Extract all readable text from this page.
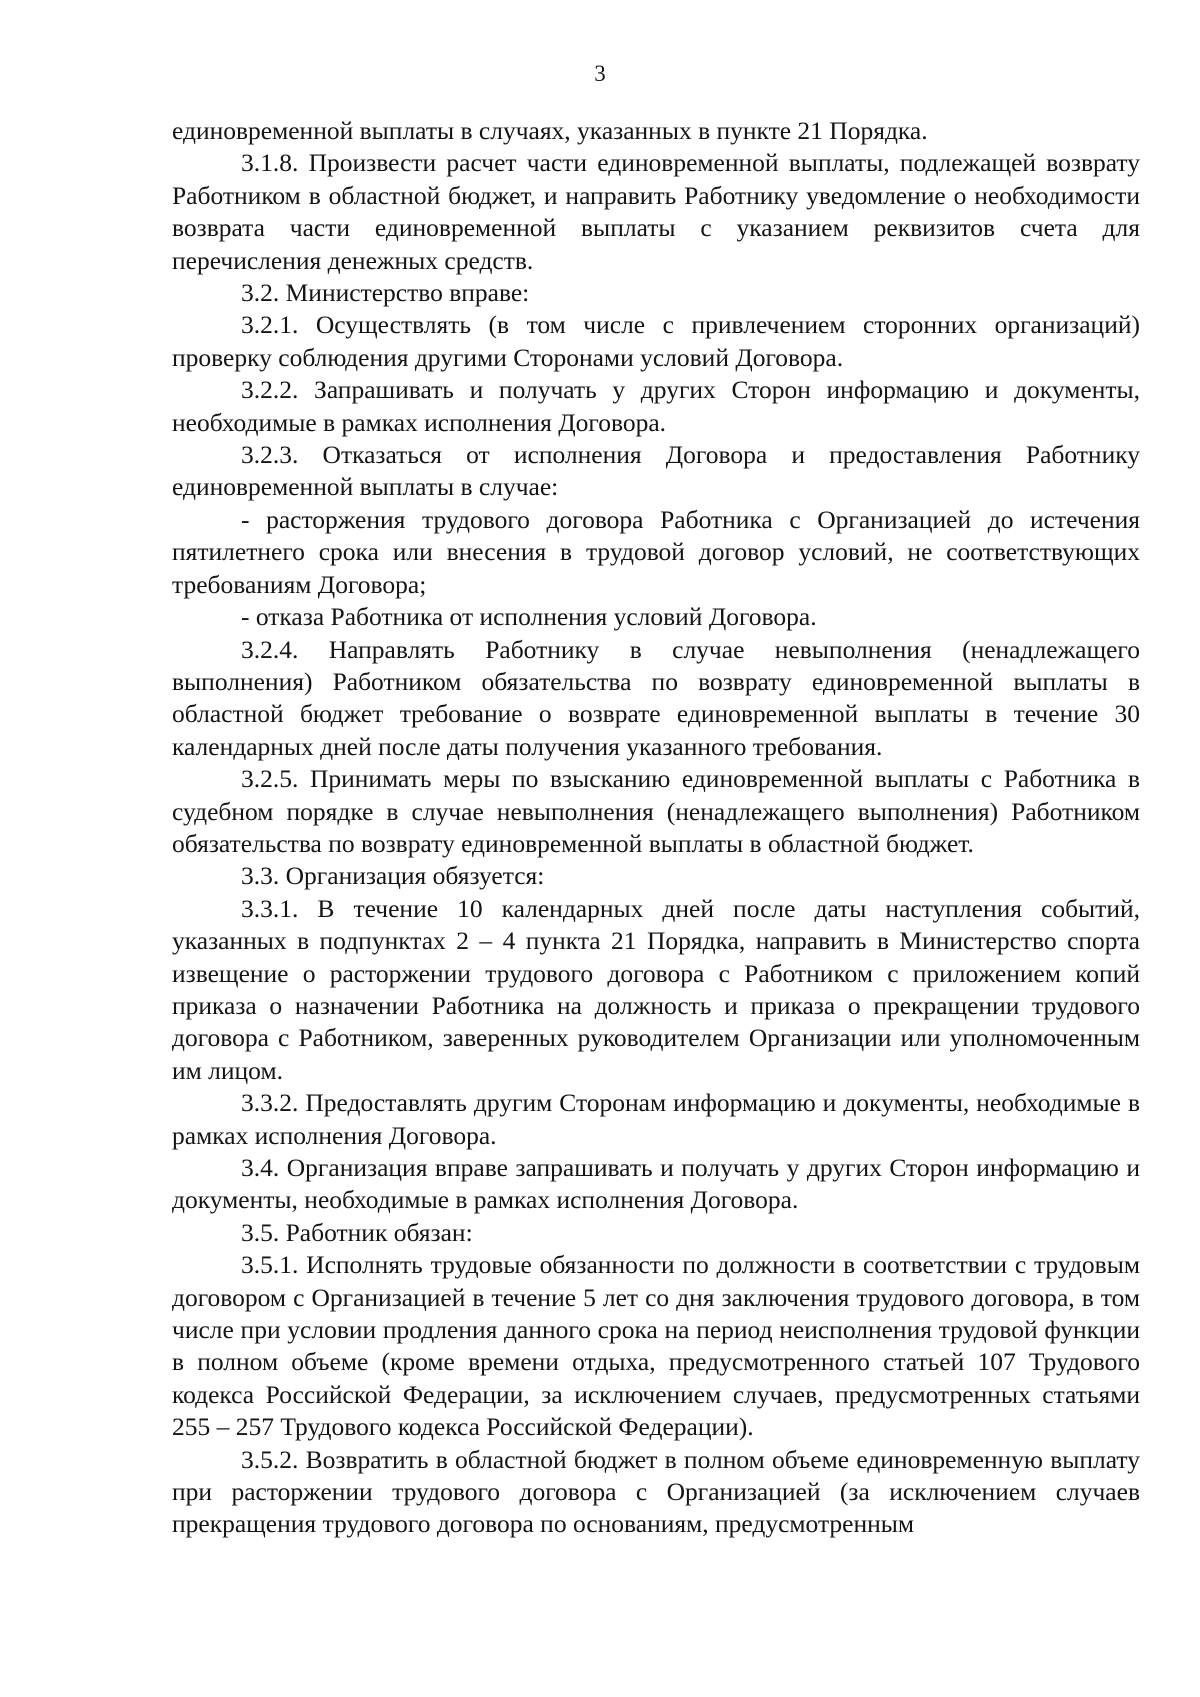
3

единовременной выплаты в случаях, указанных в пункте 21 Порядка.

3.1.8. Произвести расчет части единовременной выплаты, подлежащей возврату Работником в областной бюджет, и направить Работнику уведомление о необходимости возврата части единовременной выплаты с указанием реквизитов счета для перечисления денежных средств.

3.2. Министерство вправе:

3.2.1. Осуществлять (в том числе с привлечением сторонних организаций) проверку соблюдения другими Сторонами условий Договора.

3.2.2. Запрашивать и получать у других Сторон информацию и документы, необходимые в рамках исполнения Договора.

3.2.3. Отказаться от исполнения Договора и предоставления Работнику единовременной выплаты в случае:

- расторжения трудового договора Работника с Организацией до истечения пятилетнего срока или внесения в трудовой договор условий, не соответствующих требованиям Договора;

- отказа Работника от исполнения условий Договора.

3.2.4. Направлять Работнику в случае невыполнения (ненадлежащего выполнения) Работником обязательства по возврату единовременной выплаты в областной бюджет требование о возврате единовременной выплаты в течение 30 календарных дней после даты получения указанного требования.

3.2.5. Принимать меры по взысканию единовременной выплаты с Работника в судебном порядке в случае невыполнения (ненадлежащего выполнения) Работником обязательства по возврату единовременной выплаты в областной бюджет.

3.3. Организация обязуется:

3.3.1. В течение 10 календарных дней после даты наступления событий, указанных в подпунктах 2 – 4 пункта 21 Порядка, направить в Министерство спорта извещение о расторжении трудового договора с Работником с приложением копий приказа о назначении Работника на должность и приказа о прекращении трудового договора с Работником, заверенных руководителем Организации или уполномоченным им лицом.

3.3.2. Предоставлять другим Сторонам информацию и документы, необходимые в рамках исполнения Договора.

3.4. Организация вправе запрашивать и получать у других Сторон информацию и документы, необходимые в рамках исполнения Договора.

3.5. Работник обязан:

3.5.1. Исполнять трудовые обязанности по должности в соответствии с трудовым договором с Организацией в течение 5 лет со дня заключения трудового договора, в том числе при условии продления данного срока на период неисполнения трудовой функции в полном объеме (кроме времени отдыха, предусмотренного статьей 107 Трудового кодекса Российской Федерации, за исключением случаев, предусмотренных статьями 255 – 257 Трудового кодекса Российской Федерации).

3.5.2. Возвратить в областной бюджет в полном объеме единовременную выплату при расторжении трудового договора с Организацией (за исключением случаев прекращения трудового договора по основаниям, предусмотренным
